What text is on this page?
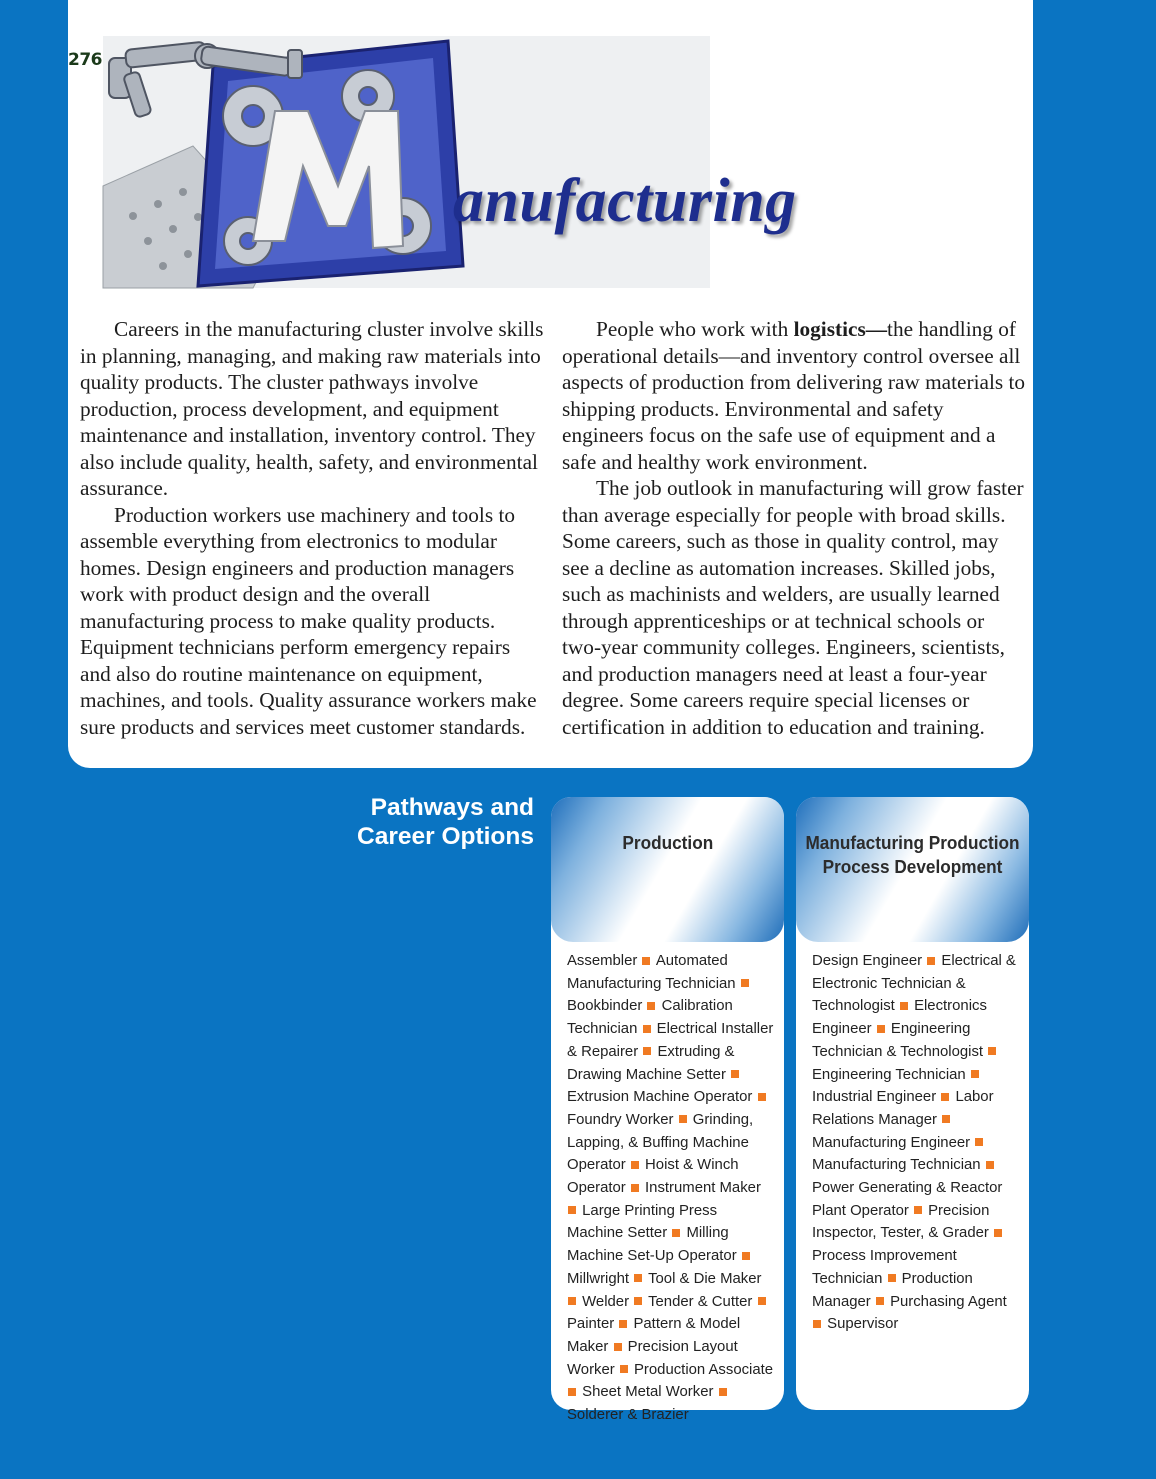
276
anufacturing

Careers in the manufacturing cluster involve skills in planning, managing, and making raw materials into quality products. The cluster pathways involve production, process development, and equipment maintenance and installation, inventory control. They also include quality, health, safety, and environmental assurance.

Production workers use machinery and tools to assemble everything from electronics to modular homes. Design engineers and production managers work with product design and the overall manufacturing process to make quality products. Equipment technicians perform emergency repairs and also do routine maintenance on equipment, machines, and tools. Quality assurance workers make sure products and services meet customer standards.

People who work with logistics—the handling of operational details—and inventory control oversee all aspects of production from delivering raw materials to shipping products. Environmental and safety engineers focus on the safe use of equipment and a safe and healthy work environment.

The job outlook in manufacturing will grow faster than average especially for people with broad skills. Some careers, such as those in quality control, may see a decline as automation increases. Skilled jobs, such as machinists and welders, are usually learned through apprenticeships or at technical schools or two-year community colleges. Engineers, scientists, and production managers need at least a four-year degree. Some careers require special licenses or certification in addition to education and training.

Pathways and
Career Options	Production
Assembler Automated Manufacturing Technician  Bookbinder Calibration Technician Electrical Installer & Repairer Extruding & Drawing Machine Setter  Extrusion Machine Operator  Foundry Worker Grinding, Lapping, & Buffing Machine Operator Hoist & Winch Operator Instrument Maker  Large Printing Press Machine Setter Milling Machine Set-Up Operator  Millwright Tool & Die Maker  Welder Tender & Cutter  Painter Pattern & Model Maker Precision Layout Worker Production Associate  Sheet Metal Worker  Solderer & Brazier
Manufacturing Production Process Development
Design Engineer Electrical & Electronic Technician & Technologist Electronics Engineer Engineering Technician & Technologist  Engineering Technician  Industrial Engineer Labor Relations Manager  Manufacturing Engineer  Manufacturing Technician  Power Generating & Reactor Plant Operator Precision Inspector, Tester, & Grader  Process Improvement Technician Production Manager Purchasing Agent  Supervisor
